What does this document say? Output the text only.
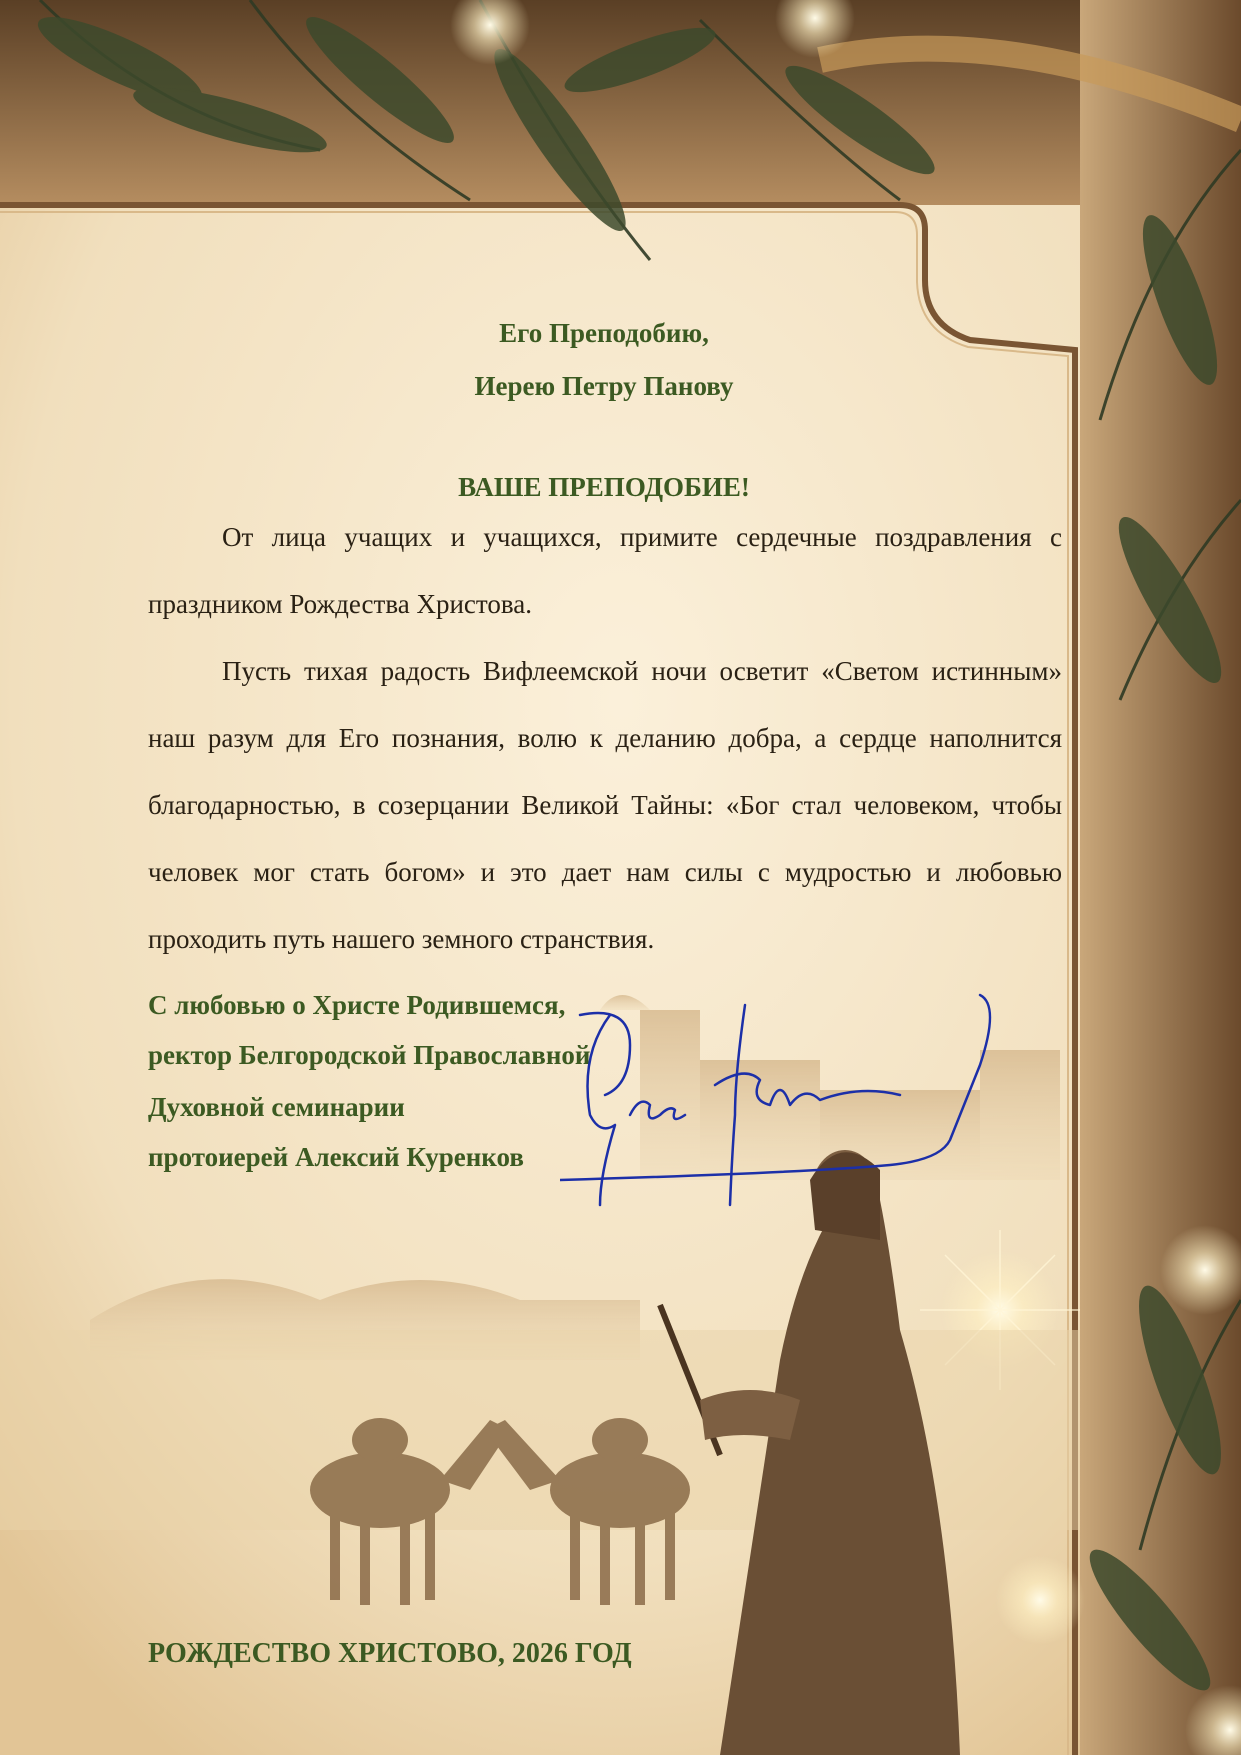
Его Преподобию,

Иерею Петру Панову

ВАШЕ ПРЕПОДОБИЕ!

От лица учащих и учащихся, примите сердечные поздравления с праздником Рождества Христова.

Пусть тихая радость Вифлеемской ночи осветит «Светом истинным» наш разум для Его познания, волю к деланию добра, а сердце наполнится благодарностью, в созерцании Великой Тайны: «Бог стал человеком, чтобы человек мог стать богом» и это дает нам силы с мудростью и любовью проходить путь нашего земного странствия.

С любовью о Христе Родившемся,

ректор Белгородской Православной

Духовной семинарии

протоиерей Алексий Куренков

РОЖДЕСТВО ХРИСТОВО, 2026 ГОД
